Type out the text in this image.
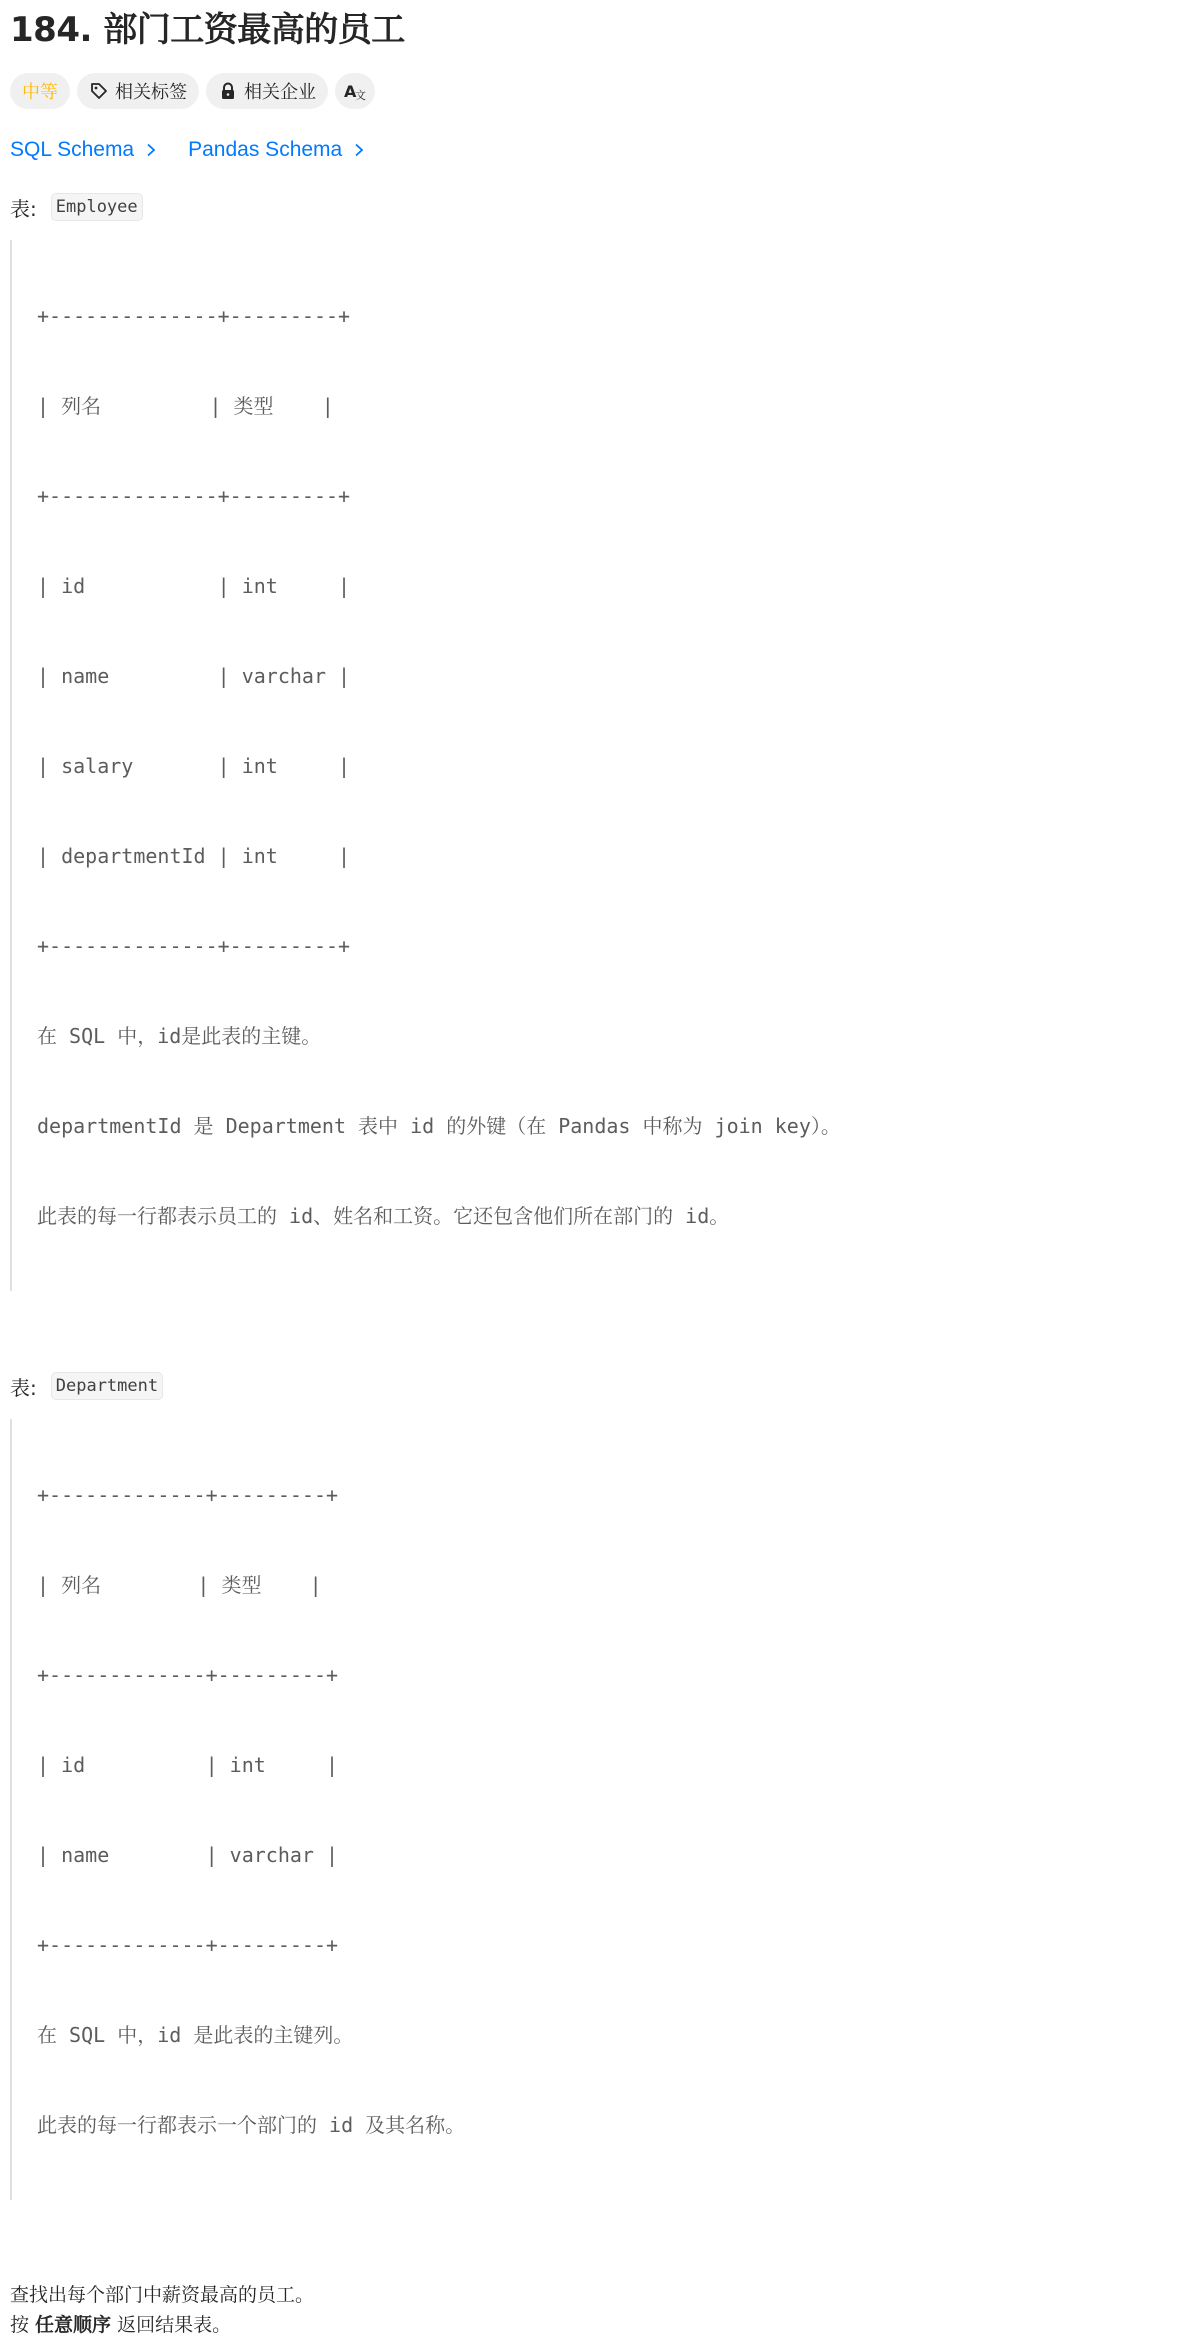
184. 部门工资最高的员工
中等	相关标签	相关企业 A
文
SQL Schema	Pandas Schema
表: Employee

+--------------+---------+

| 列名         | 类型    |

+--------------+---------+

| id           | int     |

| name         | varchar |

| salary       | int     |

| departmentId | int     |

+--------------+---------+

在 SQL 中，id是此表的主键。

departmentId 是 Department 表中 id 的外键（在 Pandas 中称为 join key）。

此表的每一行都表示员工的 id、姓名和工资。它还包含他们所在部门的 id。

表: Department

+-------------+---------+

| 列名        | 类型    |

+-------------+---------+

| id          | int     |

| name        | varchar |

+-------------+---------+

在 SQL 中，id 是此表的主键列。

此表的每一行都表示一个部门的 id 及其名称。

查找出每个部门中薪资最高的员工。
按 任意顺序 返回结果表。
